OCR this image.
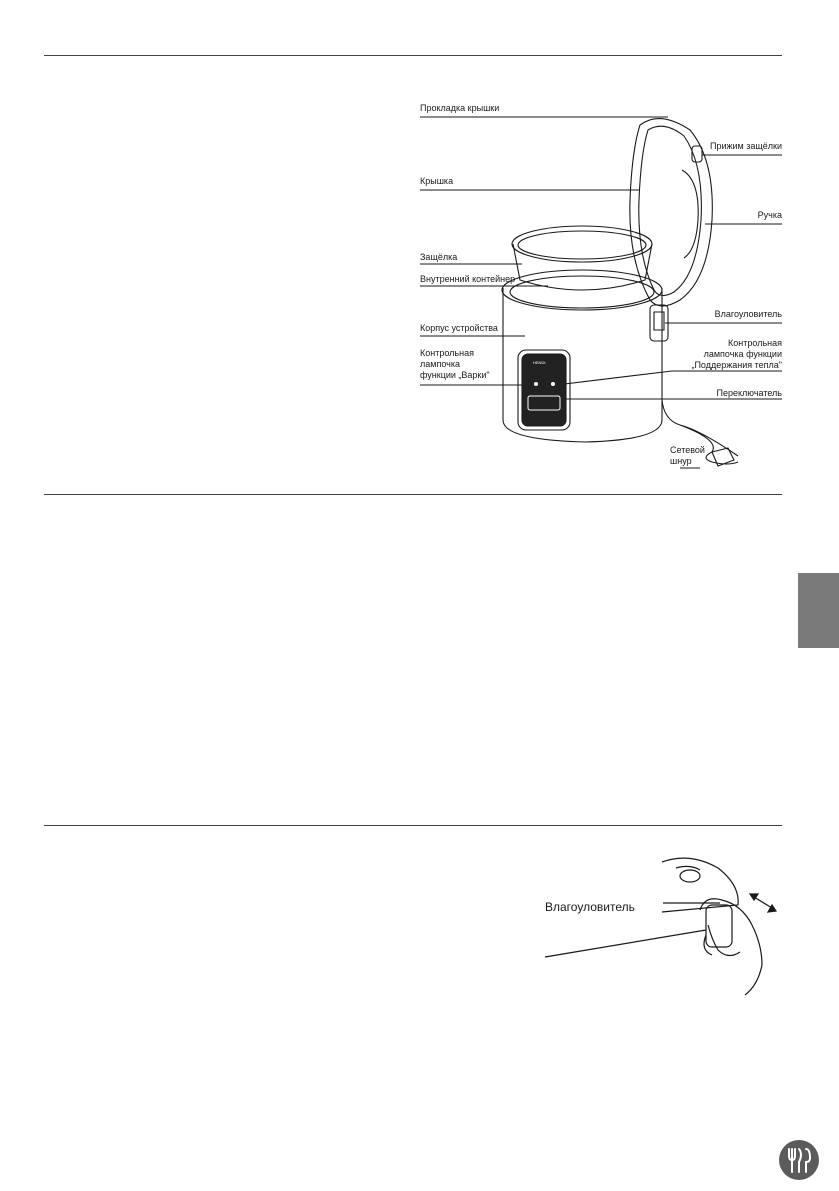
HENDI
Прокладка крышки
Крышка
Защёлка
Внутренний контейнер
Корпус устройства
Контрольная
лампочка
функции „Варки"
Прижим защёлки
Ручка
Влагоуловитель
Контрольная
лампочка функции
„Поддержания тепла"
Переключатель
Сетевой
шнур
Влагоуловитель
